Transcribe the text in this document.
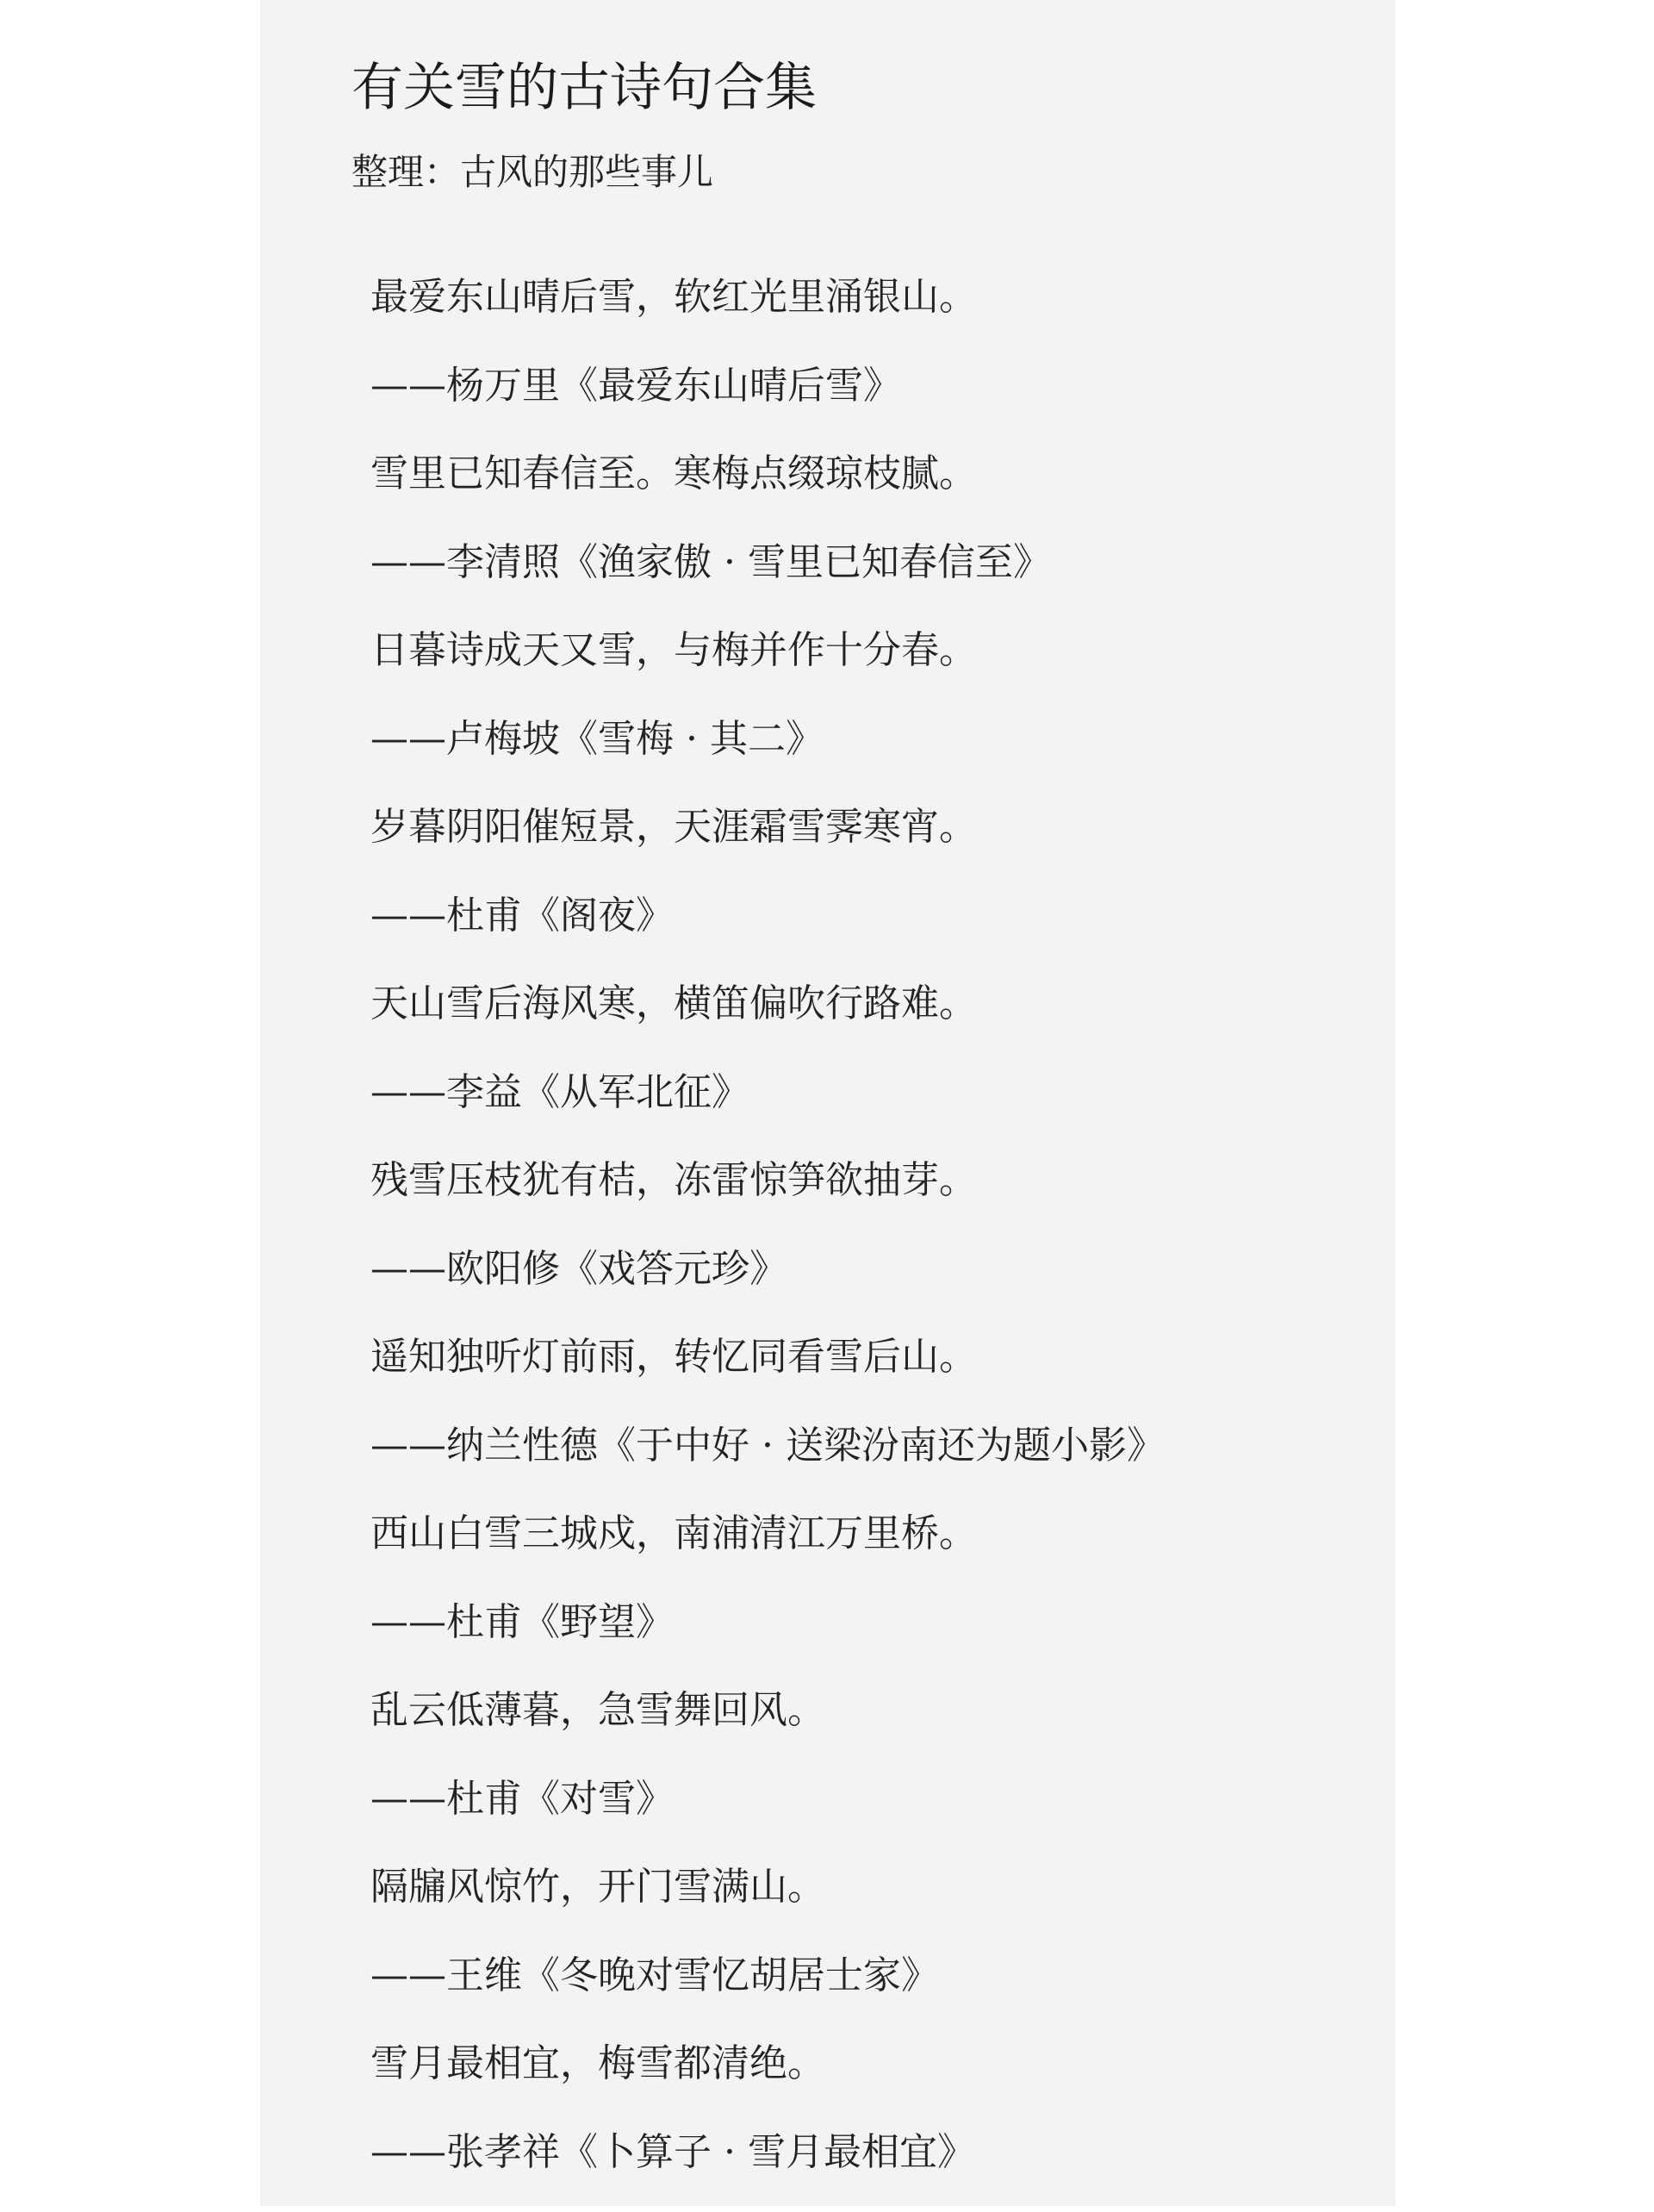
有关雪的古诗句合集
整理：古风的那些事儿
最爱东山晴后雪，软红光里涌银山。
——杨万里《最爱东山晴后雪》
雪里已知春信至。寒梅点缀琼枝腻。
——李清照《渔家傲 · 雪里已知春信至》
日暮诗成天又雪，与梅并作十分春。
——卢梅坡《雪梅 · 其二》
岁暮阴阳催短景，天涯霜雪霁寒宵。
——杜甫《阁夜》
天山雪后海风寒，横笛偏吹行路难。
——李益《从军北征》
残雪压枝犹有桔，冻雷惊笋欲抽芽。
——欧阳修《戏答元珍》
遥知独听灯前雨，转忆同看雪后山。
——纳兰性德《于中好 · 送梁汾南还为题小影》
西山白雪三城戍，南浦清江万里桥。
——杜甫《野望》
乱云低薄暮，急雪舞回风。
——杜甫《对雪》
隔牖风惊竹，开门雪满山。
——王维《冬晚对雪忆胡居士家》
雪月最相宜，梅雪都清绝。
——张孝祥《卜算子 · 雪月最相宜》
